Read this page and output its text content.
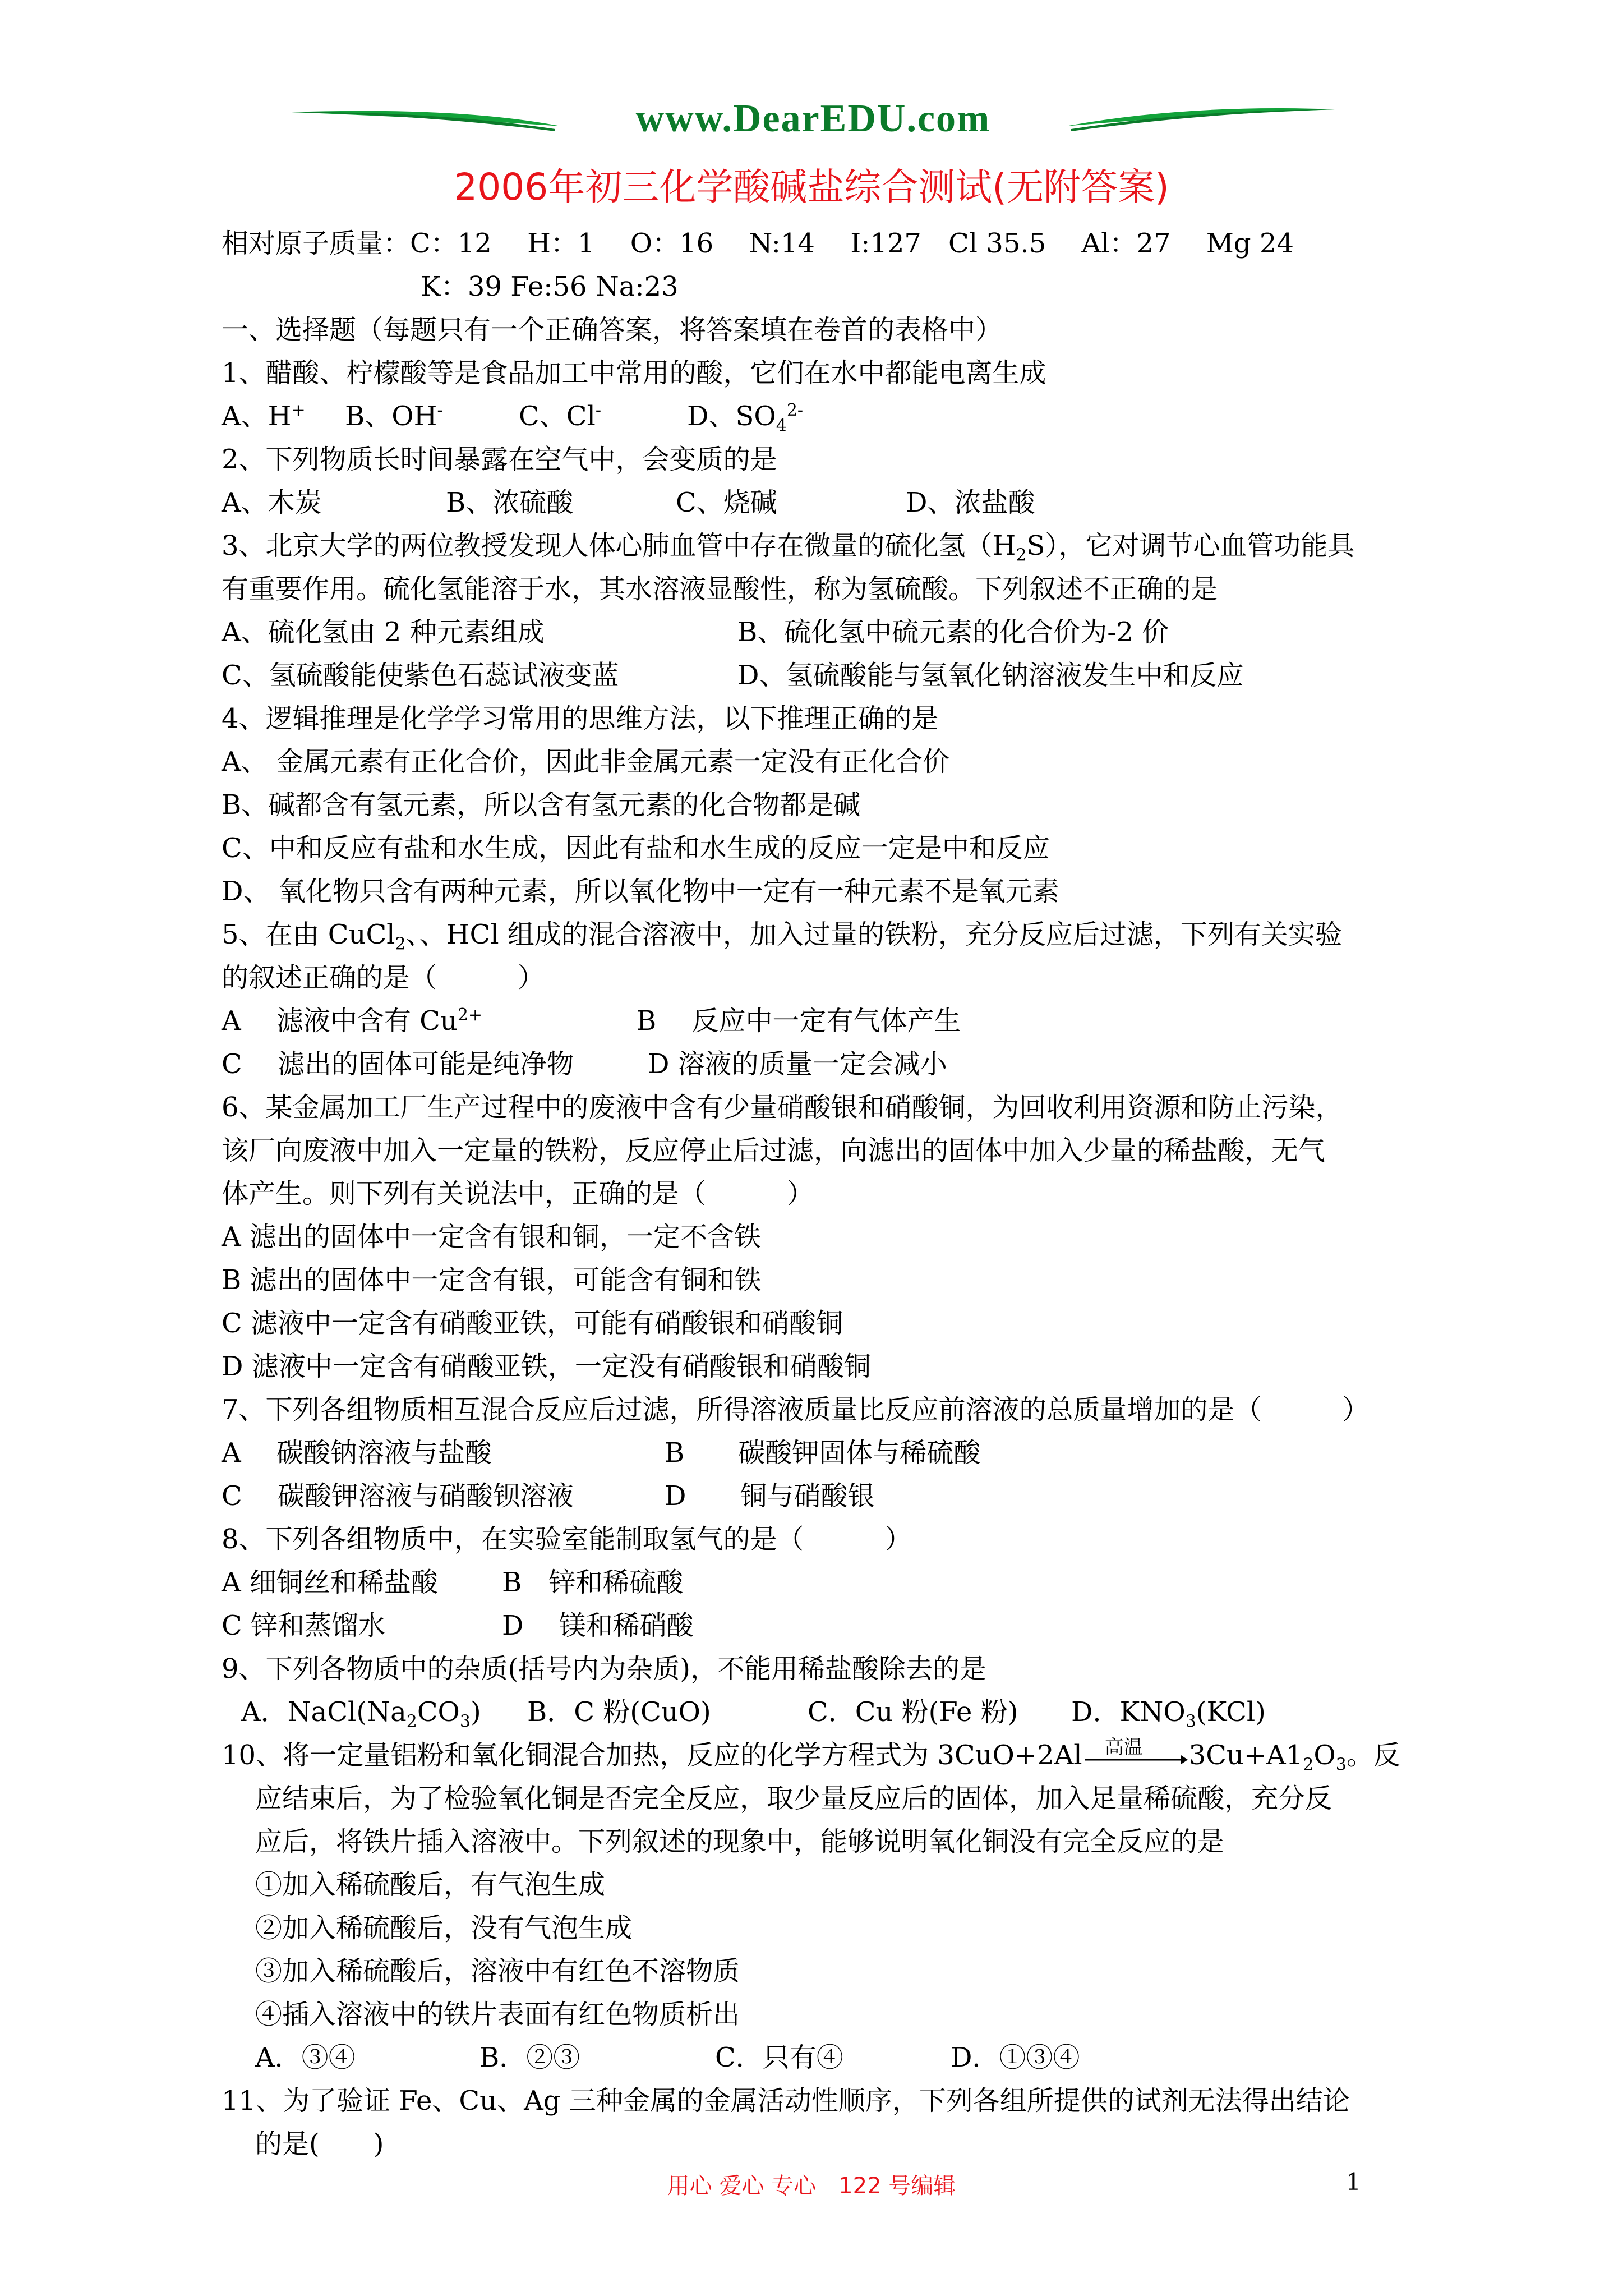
www.DearEDU.com
2006年初三化学酸碱盐综合测试(无附答案)
相对原子质量：C：12　 H：1　 O：16　 N:14　 I:127　Cl 35.5　 Al：27　 Mg 24
K：39 Fe:56 Na:23
一、选择题（每题只有一个正确答案，将答案填在卷首的表格中）
1、醋酸、柠檬酸等是食品加工中常用的酸，它们在水中都能电离生成
A、H+ B、OH-	C、Cl-	D、$SO_4^{2-}$
2、下列物质长时间暴露在空气中，会变质的是
A、木炭	B、浓硫酸	C、烧碱	D、浓盐酸
3、北京大学的两位教授发现人体心肺血管中存在微量的硫化氢$(H_2S)$，它对调节心血管功能具
有重要作用。硫化氢能溶于水，其水溶液显酸性，称为氢硫酸。下列叙述不正确的是
A、硫化氢由 2 种元素组成	B、硫化氢中硫元素的化合价为-2 价
C、氢硫酸能使紫色石蕊试液变蓝	D、氢硫酸能与氢氧化钠溶液发生中和反应
4、逻辑推理是化学学习常用的思维方法，以下推理正确的是
A、 金属元素有正化合价，因此非金属元素一定没有正化合价
B、碱都含有氢元素，所以含有氢元素的化合物都是碱
C、中和反应有盐和水生成，因此有盐和水生成的反应一定是中和反应
D、 氧化物只含有两种元素，所以氧化物中一定有一种元素不是氧元素
5、在由 CuCl$_2$、、HCl 组成的混合溶液中，加入过量的铁粉，充分反应后过滤，下列有关实验
的叙述正确的是（　　　）
A　 滤液中含有 $Cu^{2+}$	B　 反应中一定有气体产生
C　 滤出的固体可能是纯净物	D 溶液的质量一定会减小
6、某金属加工厂生产过程中的废液中含有少量硝酸银和硝酸铜，为回收利用资源和防止污染，
该厂向废液中加入一定量的铁粉，反应停止后过滤，向滤出的固体中加入少量的稀盐酸，无气
体产生。则下列有关说法中，正确的是（　　　）
A 滤出的固体中一定含有银和铜，一定不含铁
B 滤出的固体中一定含有银，可能含有铜和铁
C 滤液中一定含有硝酸亚铁，可能有硝酸银和硝酸铜
D 滤液中一定含有硝酸亚铁，一定没有硝酸银和硝酸铜
7、下列各组物质相互混合反应后过滤，所得溶液质量比反应前溶液的总质量增加的是（　　　）
A　 碳酸钠溶液与盐酸	B　　碳酸钾固体与稀硫酸
C　 碳酸钾溶液与硝酸钡溶液	D　　铜与硝酸银
8、下列各组物质中，在实验室能制取氢气的是（　　　）
A 细铜丝和稀盐酸 B　锌和稀硫酸
C 锌和蒸馏水	D　 镁和稀硝酸
9、下列各物质中的杂质(括号内为杂质)，不能用稀盐酸除去的是
A．$NaCl(Na_2CO_3)$ B．C 粉(CuO)	C．Cu 粉(Fe 粉) D．$KNO_3(KCl)$
10、将一定量铝粉和氧化铜混合加热，反应的化学方程式为 3CuO+2Al 高温 $3Cu+A1_2O_3$。反
应结束后，为了检验氧化铜是否完全反应，取少量反应后的固体，加入足量稀硫酸，充分反
应后，将铁片插入溶液中。下列叙述的现象中，能够说明氧化铜没有完全反应的是
①加入稀硫酸后，有气泡生成
②加入稀硫酸后，没有气泡生成
③加入稀硫酸后，溶液中有红色不溶物质
④插入溶液中的铁片表面有红色物质析出
A．③④	B．②③	C．只有④	D．①③④
11、为了验证 Fe、Cu、Ag 三种金属的金属活动性顺序，下列各组所提供的试剂无法得出结论
的是(　　)
用心 爱心 专心　122 号编辑	1
